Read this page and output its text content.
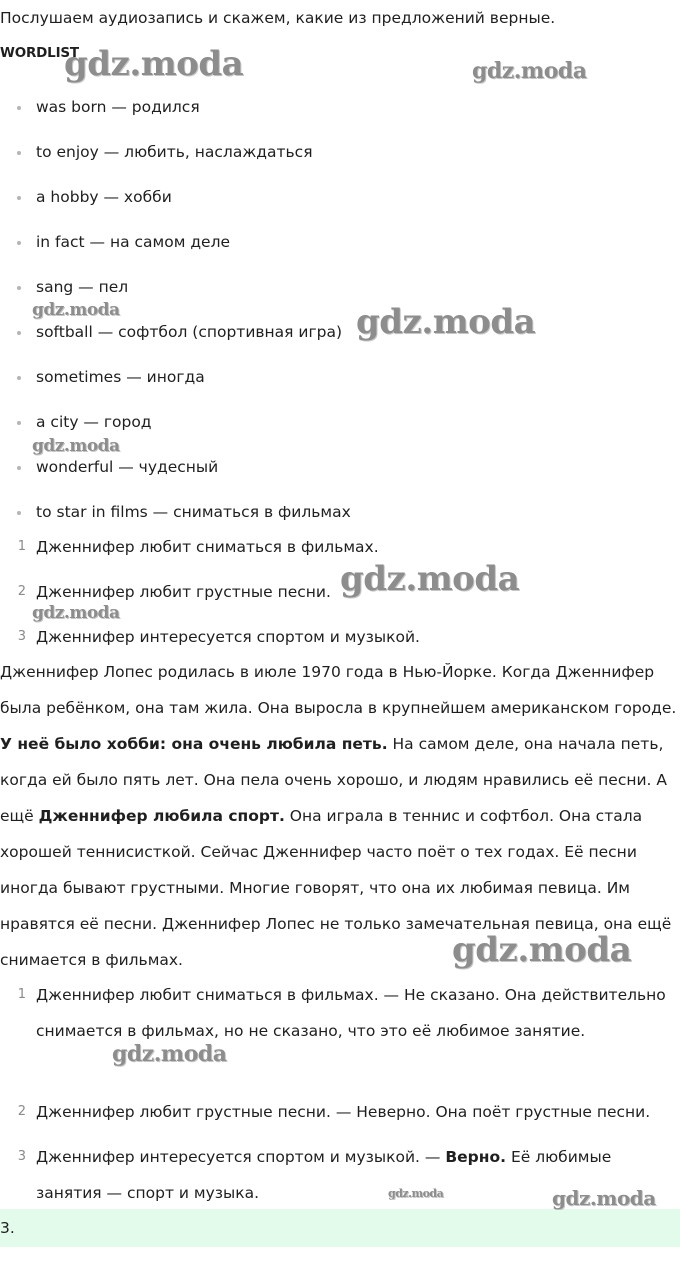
Послушаем аудиозапись и скажем, какие из предложений верные.
WORDLIST
was born — родился
to enjoy — любить, наслаждаться
a hobby — хобби
in fact — на самом деле
sang — пел
softball — софтбол (спортивная игра)
sometimes — иногда
a city — город
wonderful — чудесный
to star in films — сниматься в фильмах
1 Дженнифер любит сниматься в фильмах.
2 Дженнифер любит грустные песни.
3 Дженнифер интересуется спортом и музыкой.

Дженнифер Лопес родилась в июле 1970 года в Нью-Йорке. Когда Дженнифер была ребёнком, она там жила. Она выросла в крупнейшем американском городе. У неё было хобби: она очень любила петь. На самом деле, она начала петь, когда ей было пять лет. Она пела очень хорошо, и людям нравились её песни. А ещё Дженнифер любила спорт. Она играла в теннис и софтбол. Она стала хорошей теннисисткой. Сейчас Дженнифер часто поёт о тех годах. Её песни иногда бывают грустными. Многие говорят, что она их любимая певица. Им нравятся её песни. Дженнифер Лопес не только замечательная певица, она ещё снимается в фильмах.

1 Дженнифер любит сниматься в фильмах. — Не сказано. Она действительно снимается в фильмах, но не сказано, что это её любимое занятие.
2 Дженнифер любит грустные песни. — Неверно. Она поёт грустные песни.
3 Дженнифер интересуется спортом и музыкой. — Верно. Её любимые занятия — спорт и музыка.
3.
gdz.moda	gdz.moda
gdz.moda	gdz.moda
gdz.moda
gdz.moda
gdz.moda
gdz.moda
gdz.moda
gdz.moda	gdz.moda
